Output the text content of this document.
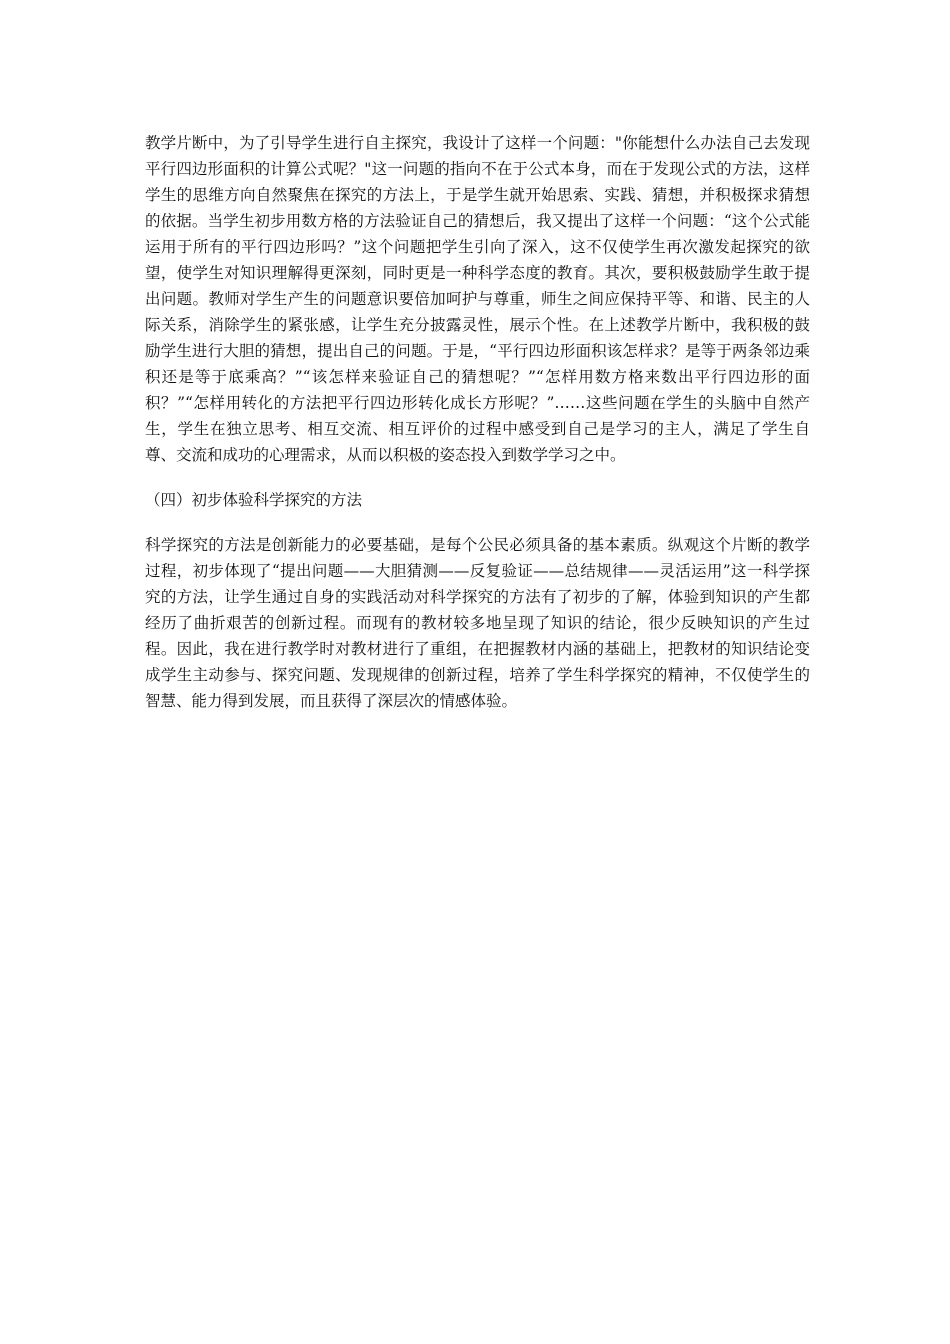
教学片断中，为了引导学生进行自主探究，我设计了这样一个问题："你能想什么办法自己去发现平行四边形面积的计算公式呢？"这一问题的指向不在于公式本身，而在于发现公式的方法，这样学生的思维方向自然聚焦在探究的方法上，于是学生就开始思索、实践、猜想，并积极探求猜想的依据。当学生初步用数方格的方法验证自己的猜想后，我又提出了这样一个问题：“这个公式能运用于所有的平行四边形吗？”这个问题把学生引向了深入，这不仅使学生再次激发起探究的欲望，使学生对知识理解得更深刻，同时更是一种科学态度的教育。其次，要积极鼓励学生敢于提出问题。教师对学生产生的问题意识要倍加呵护与尊重，师生之间应保持平等、和谐、民主的人际关系，消除学生的紧张感，让学生充分披露灵性，展示个性。在上述教学片断中，我积极的鼓励学生进行大胆的猜想，提出自己的问题。于是，“平行四边形面积该怎样求？是等于两条邻边乘积还是等于底乘高？”“该怎样来验证自己的猜想呢？”“怎样用数方格来数出平行四边形的面积？”“怎样用转化的方法把平行四边形转化成长方形呢？”……这些问题在学生的头脑中自然产生，学生在独立思考、相互交流、相互评价的过程中感受到自己是学习的主人，满足了学生自尊、交流和成功的心理需求，从而以积极的姿态投入到数学学习之中。

（四）初步体验科学探究的方法

科学探究的方法是创新能力的必要基础，是每个公民必须具备的基本素质。纵观这个片断的教学过程，初步体现了“提出问题——大胆猜测——反复验证——总结规律——灵活运用”这一科学探究的方法，让学生通过自身的实践活动对科学探究的方法有了初步的了解，体验到知识的产生都经历了曲折艰苦的创新过程。而现有的教材较多地呈现了知识的结论，很少反映知识的产生过程。因此，我在进行教学时对教材进行了重组，在把握教材内涵的基础上，把教材的知识结论变成学生主动参与、探究问题、发现规律的创新过程，培养了学生科学探究的精神，不仅使学生的智慧、能力得到发展，而且获得了深层次的情感体验。
